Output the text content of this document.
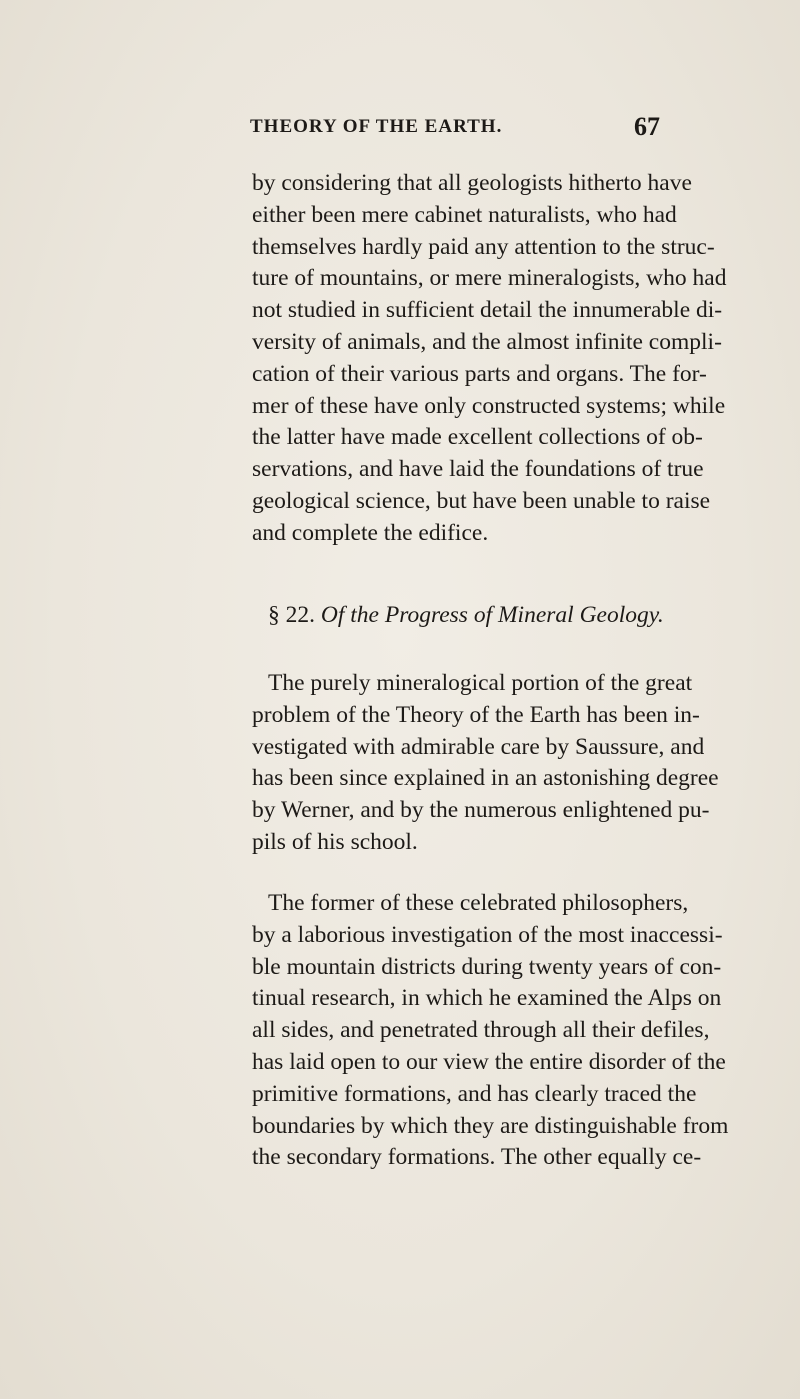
THEORY OF THE EARTH.	67

by considering that all geologists hitherto have
either been mere cabinet naturalists, who had
themselves hardly paid any attention to the struc-
ture of mountains, or mere mineralogists, who had
not studied in sufficient detail the innumerable di-
versity of animals, and the almost infinite compli-
cation of their various parts and organs. The for-
mer of these have only constructed systems; while
the latter have made excellent collections of ob-
servations, and have laid the foundations of true
geological science, but have been unable to raise
and complete the edifice.

§ 22. Of the Progress of Mineral Geology.

The purely mineralogical portion of the great
problem of the Theory of the Earth has been in-
vestigated with admirable care by Saussure, and
has been since explained in an astonishing degree
by Werner, and by the numerous enlightened pu-
pils of his school.

The former of these celebrated philosophers,
by a laborious investigation of the most inaccessi-
ble mountain districts during twenty years of con-
tinual research, in which he examined the Alps on
all sides, and penetrated through all their defiles,
has laid open to our view the entire disorder of the
primitive formations, and has clearly traced the
boundaries by which they are distinguishable from
the secondary formations. The other equally ce-
